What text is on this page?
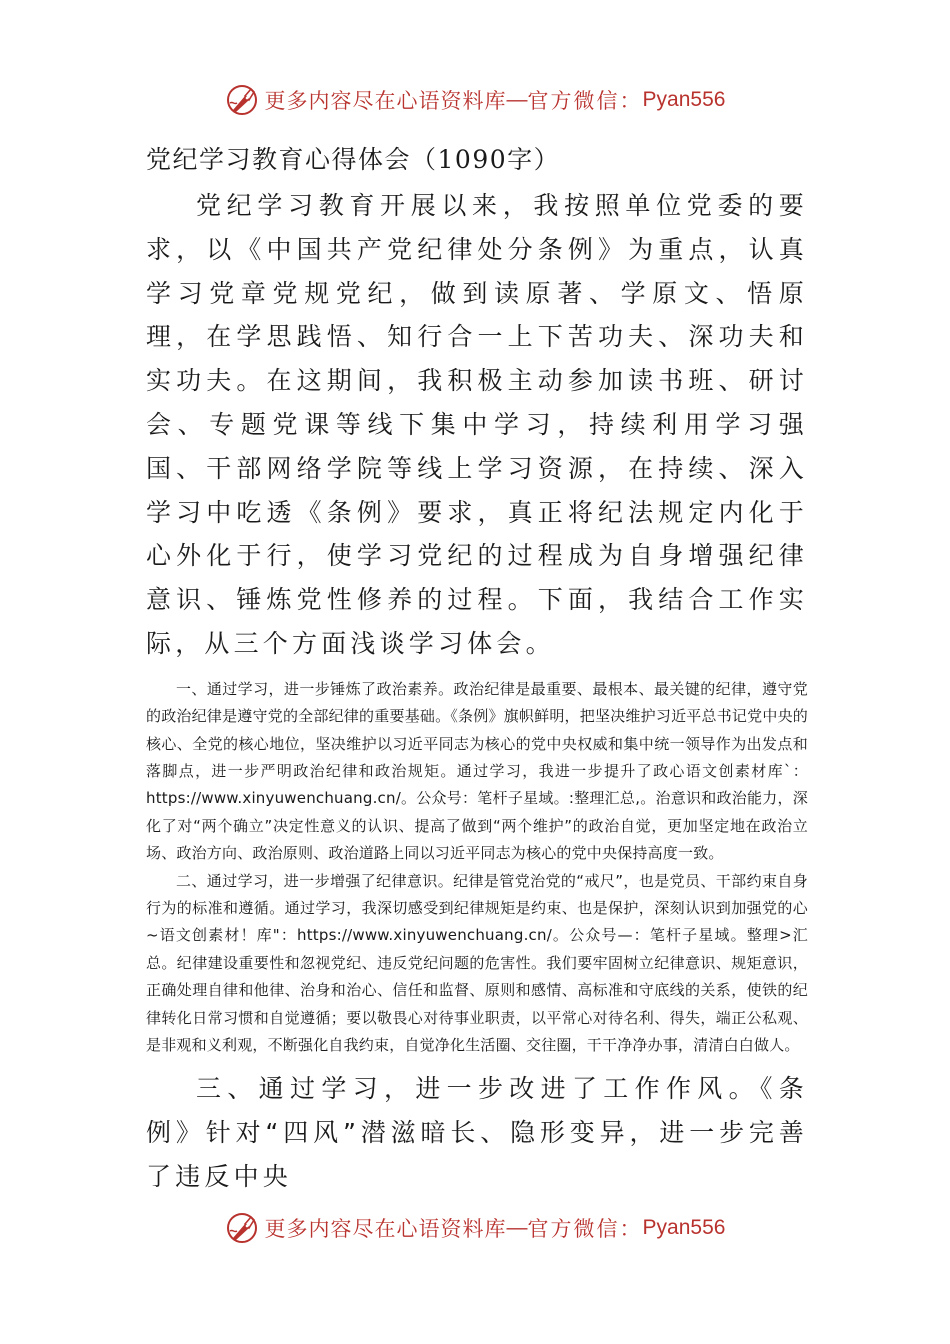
更多内容尽在心语资料库 — 官方微信： Pyan556
党纪学习教育心得体会（1090字）

党纪学习教育开展以来，我按照单位党委的要求，以《中国共产党纪律处分条例》为重点，认真学习党章党规党纪，做到读原著、学原文、悟原理，在学思践悟、知行合一上下苦功夫、深功夫和实功夫。在这期间，我积极主动参加读书班、研讨会、专题党课等线下集中学习，持续利用学习强国、干部网络学院等线上学习资源，在持续、深入学习中吃透《条例》要求，真正将纪法规定内化于心外化于行，使学习党纪的过程成为自身增强纪律意识、锤炼党性修养的过程。下面，我结合工作实际，从三个方面浅谈学习体会。

一、通过学习，进一步锤炼了政治素养。政治纪律是最重要、最根本、最关键的纪律，遵守党的政治纪律是遵守党的全部纪律的重要基础。《条例》旗帜鲜明，把坚决维护习近平总书记党中央的核心、全党的核心地位，坚决维护以习近平同志为核心的党中央权威和集中统一领导作为出发点和落脚点，进一步严明政治纪律和政治规矩。通过学习，我进一步提升了政心语文创素材库`：https://www.xinyuwenchuang.cn/。公众号：笔杆子星域。:整理汇总,。治意识和政治能力，深化了对“两个确立”决定性意义的认识、提高了做到“两个维护”的政治自觉，更加坚定地在政治立场、政治方向、政治原则、政治道路上同以习近平同志为核心的党中央保持高度一致。

二、通过学习，进一步增强了纪律意识。纪律是管党治党的“戒尺”，也是党员、干部约束自身行为的标准和遵循。通过学习，我深切感受到纪律规矩是约束、也是保护，深刻认识到加强党的心~语文创素材！库"：https://www.xinyuwenchuang.cn/。公众号—：笔杆子星域。整理>汇总。纪律建设重要性和忽视党纪、违反党纪问题的危害性。我们要牢固树立纪律意识、规矩意识，正确处理自律和他律、治身和治心、信任和监督、原则和感情、高标准和守底线的关系，使铁的纪律转化日常习惯和自觉遵循；要以敬畏心对待事业职责，以平常心对待名利、得失，端正公私观、是非观和义利观，不断强化自我约束，自觉净化生活圈、交往圈，干干净净办事，清清白白做人。

三、通过学习，进一步改进了工作作风。《条例》针对“四风”潜滋暗长、隐形变异，进一步完善了违反中央

更多内容尽在心语资料库 — 官方微信： Pyan556
